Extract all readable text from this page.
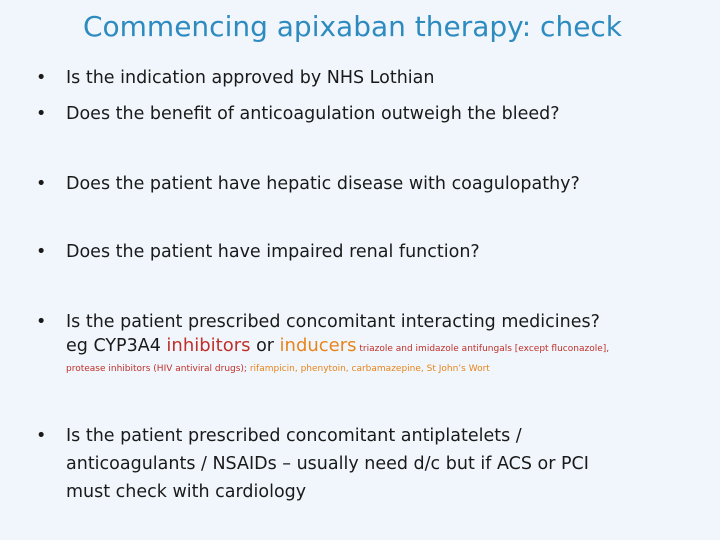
Commencing apixaban therapy: check
• Is the indication approved by NHS Lothian
• Does the benefit of anticoagulation outweigh the bleed?
• Does the patient have hepatic disease with coagulopathy?
• Does the patient have impaired renal function?
• Is the patient prescribed concomitant interacting medicines?
eg CYP3A4 inhibitors or inducers triazole and imidazole antifungals [except fluconazole],
protease inhibitors (HIV antiviral drugs); rifampicin, phenytoin, carbamazepine, St John’s Wort
• Is the patient prescribed concomitant antiplatelets /
anticoagulants / NSAIDs – usually need d/c but if ACS or PCI
must check with cardiology
